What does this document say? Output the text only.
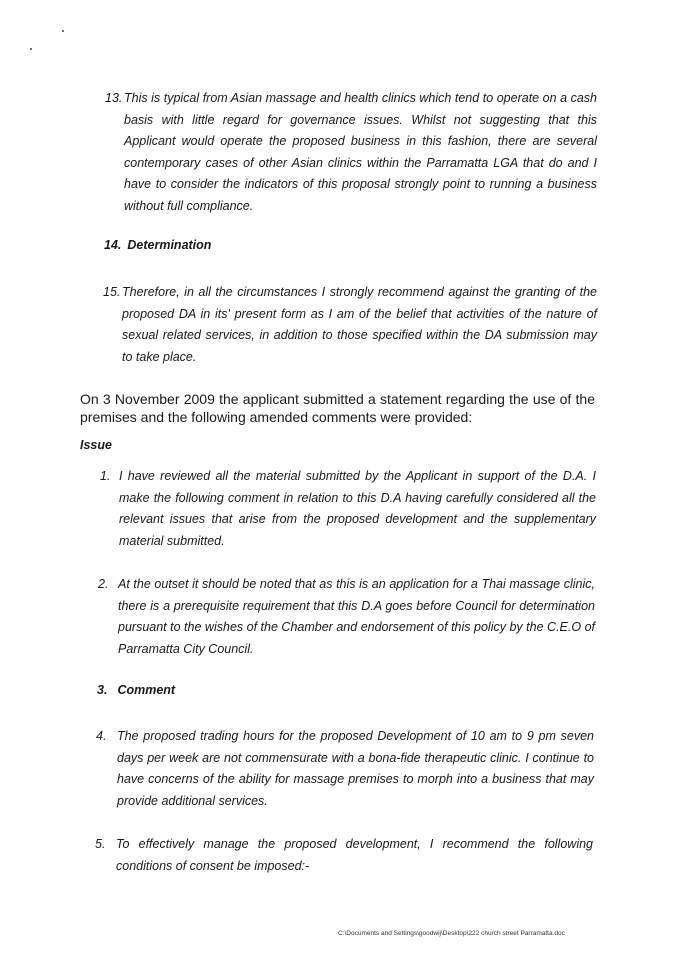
13. This is typical from Asian massage and health clinics which tend to operate on a cash basis with little regard for governance issues. Whilst not suggesting that this Applicant would operate the proposed business in this fashion, there are several contemporary cases of other Asian clinics within the Parramatta LGA that do and I have to consider the indicators of this proposal strongly point to running a business without full compliance.
14. Determination
15. Therefore, in all the circumstances I strongly recommend against the granting of the proposed DA in its' present form as I am of the belief that activities of the nature of sexual related services, in addition to those specified within the DA submission may to take place.
On 3 November 2009 the applicant submitted a statement regarding the use of the premises and the following amended comments were provided:
Issue
1. I have reviewed all the material submitted by the Applicant in support of the D.A. I make the following comment in relation to this D.A having carefully considered all the relevant issues that arise from the proposed development and the supplementary material submitted.
2. At the outset it should be noted that as this is an application for a Thai massage clinic, there is a prerequisite requirement that this D.A goes before Council for determination pursuant to the wishes of the Chamber and endorsement of this policy by the C.E.O of Parramatta City Council.
3. Comment
4. The proposed trading hours for the proposed Development of 10 am to 9 pm seven days per week are not commensurate with a bona-fide therapeutic clinic. I continue to have concerns of the ability for massage premises to morph into a business that may provide additional services.
5. To effectively manage the proposed development, I recommend the following conditions of consent be imposed:-
C:\Documents and Settings\goodwij\Desktop\222 church street Parramatta.doc
